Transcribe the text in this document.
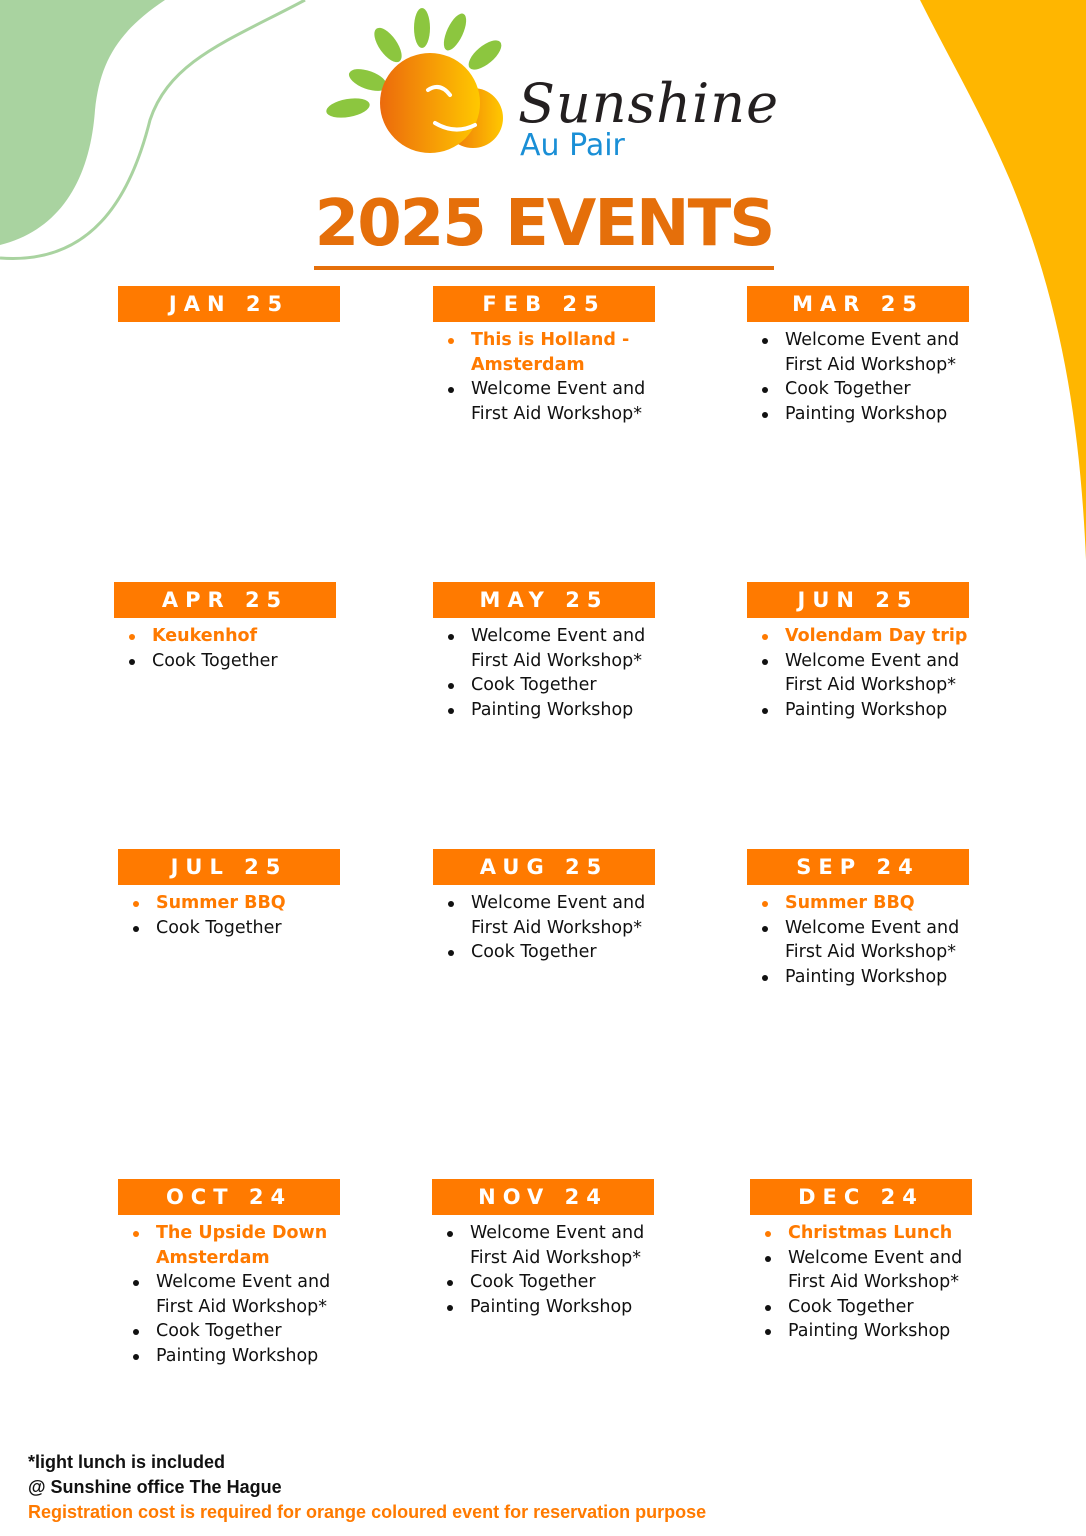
Sunshine
Au Pair
2025 EVENTS
JAN 25	FEB 25
This is Holland - Amsterdam
Welcome Event and First Aid Workshop*
MAR 25
Welcome Event and First Aid Workshop*
Cook Together
Painting Workshop
APR 25
Keukenhof
Cook Together
MAY 25
Welcome Event and First Aid Workshop*
Cook Together
Painting Workshop
JUN 25
Volendam Day trip
Welcome Event and First Aid Workshop*
Painting Workshop
JUL 25
Summer BBQ
Cook Together
AUG 25
Welcome Event and First Aid Workshop*
Cook Together
SEP 24
Summer BBQ
Welcome Event and First Aid Workshop*
Painting Workshop
OCT 24
The Upside Down Amsterdam
Welcome Event and First Aid Workshop*
Cook Together
Painting Workshop
NOV 24
Welcome Event and First Aid Workshop*
Cook Together
Painting Workshop
DEC 24
Christmas Lunch
Welcome Event and First Aid Workshop*
Cook Together
Painting Workshop
*light lunch is included
@ Sunshine office The Hague
Registration cost is required for orange coloured event for reservation purpose
